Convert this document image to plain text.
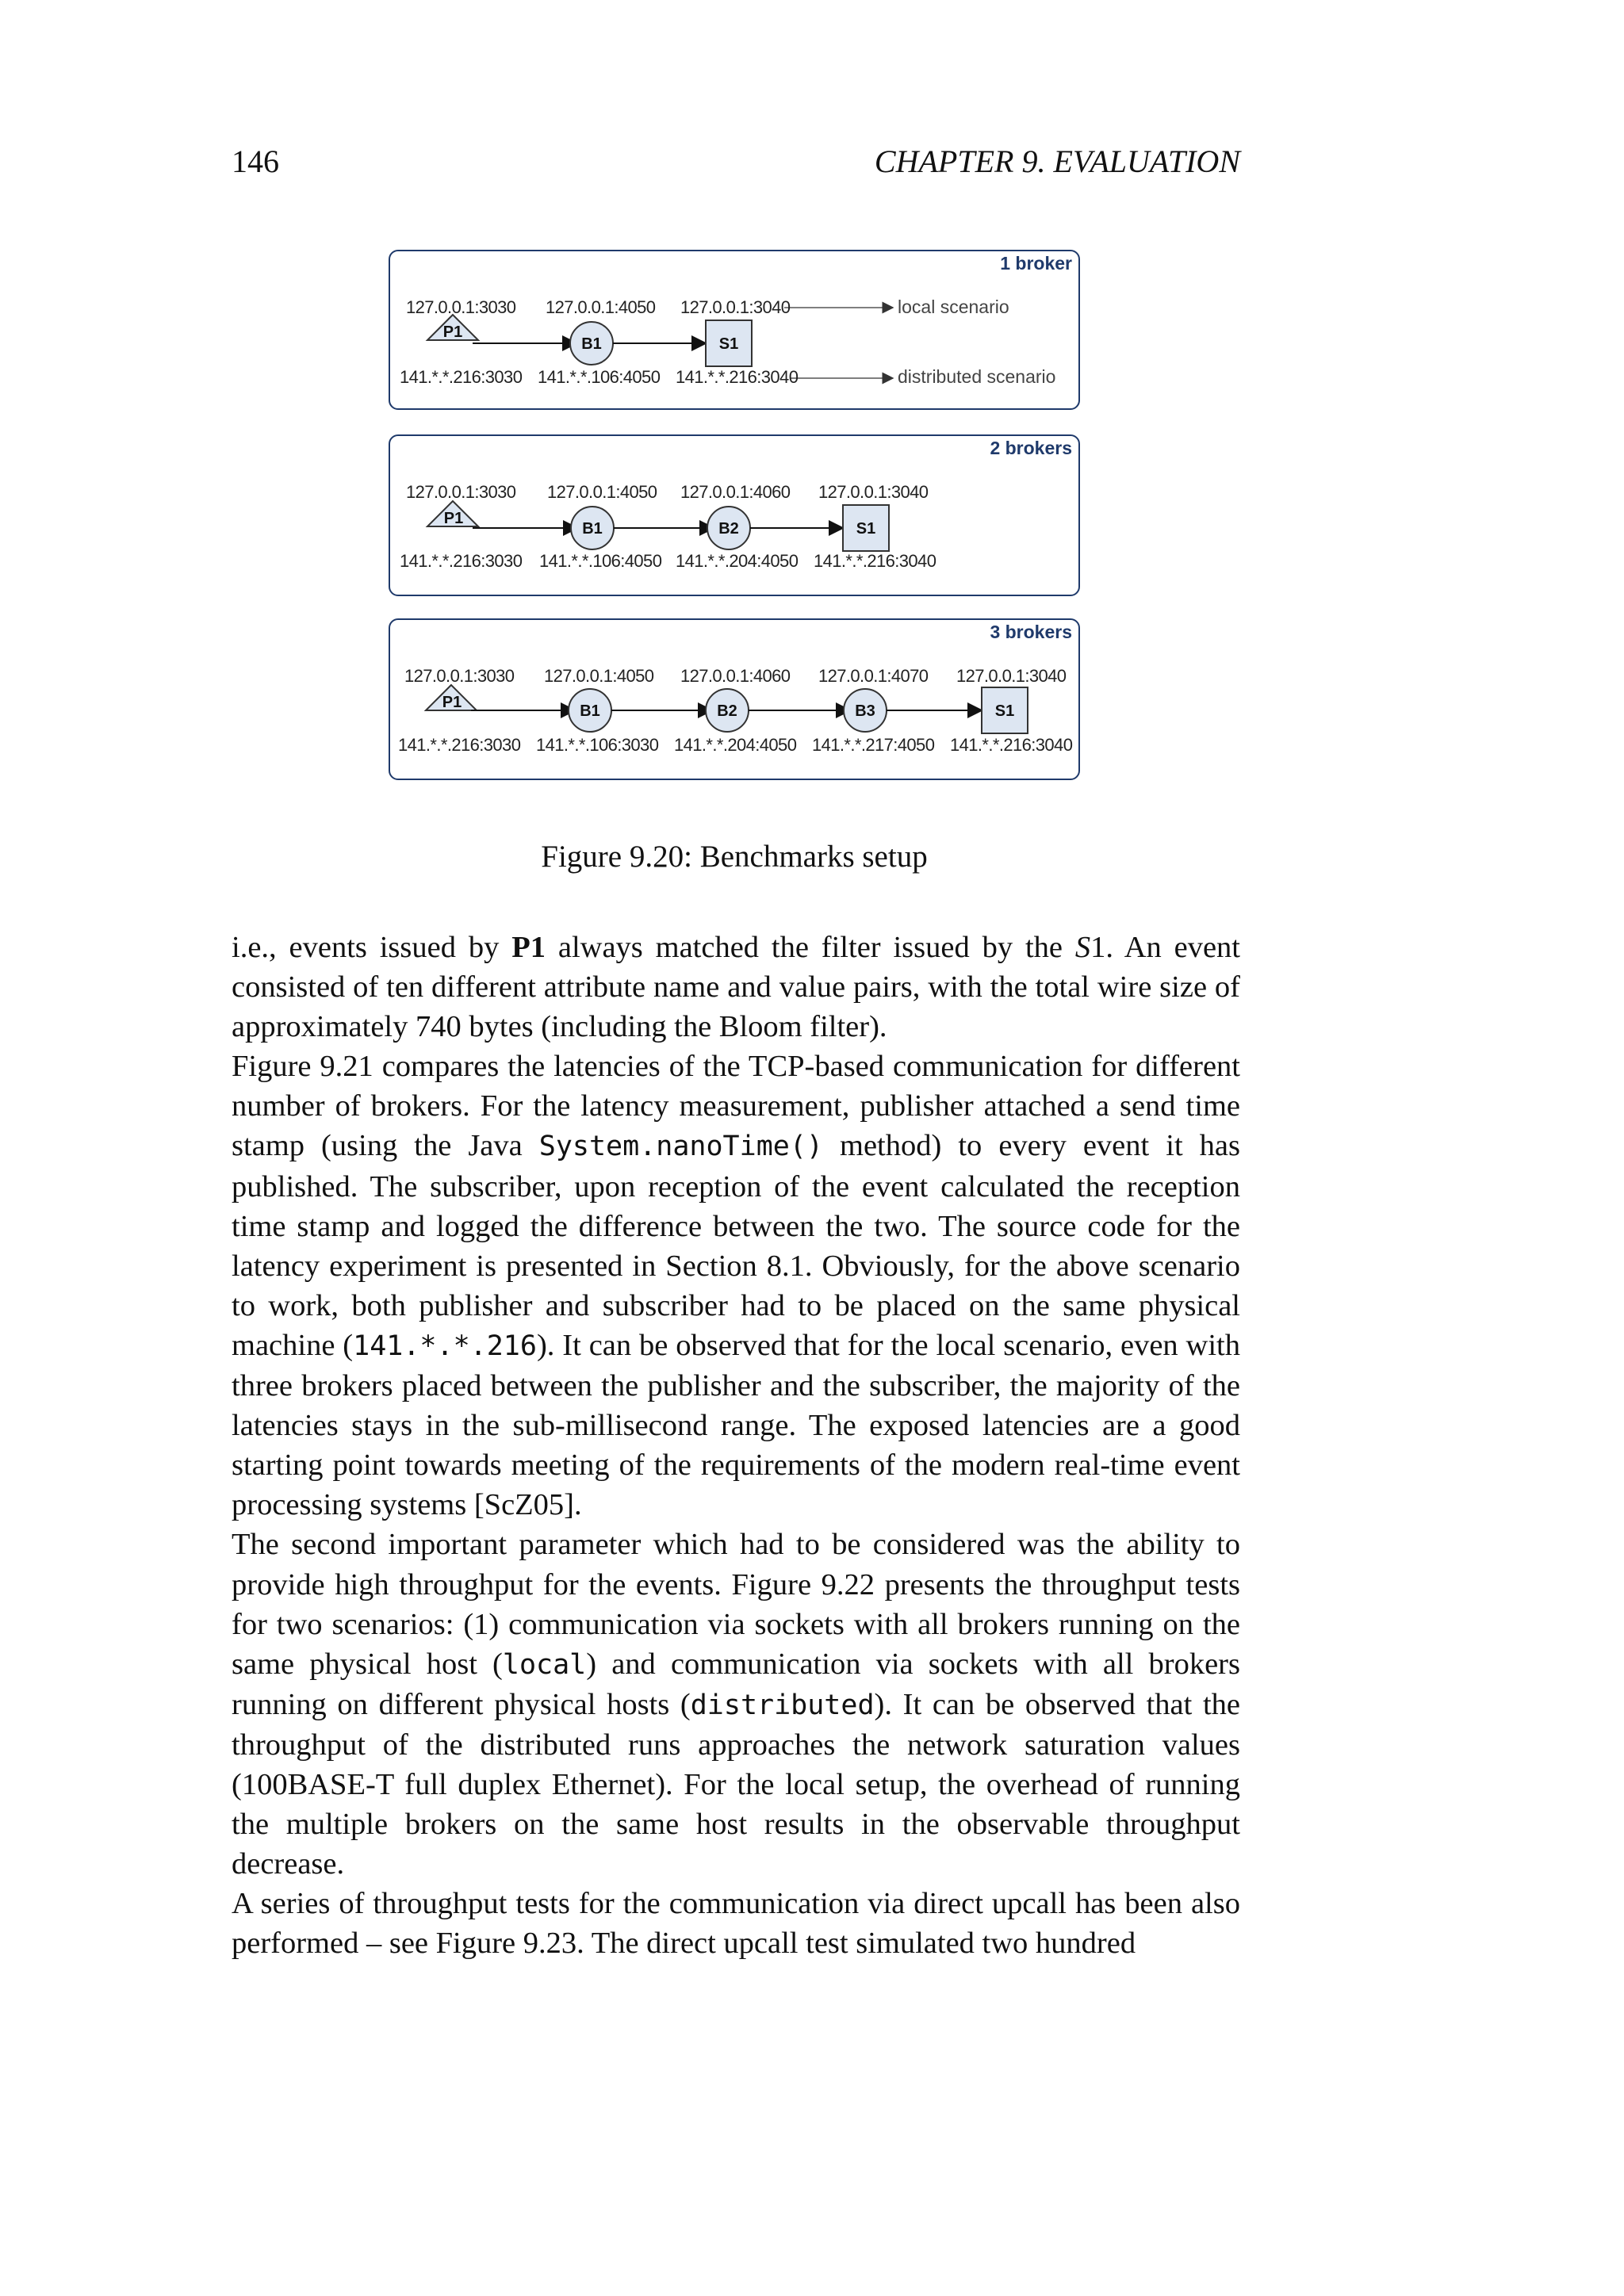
146	CHAPTER 9. EVALUATION
1 broker
P1
B1	S1
127.0.0.1:3030 127.0.0.1:4050 127.0.0.1:3040	local scenario
141.*.*.216:3030 141.*.*.106:4050 141.*.*.216:3040	distributed scenario
2 brokers
P1
B1	B2	S1
127.0.0.1:3030 127.0.0.1:4050 127.0.0.1:4060 127.0.0.1:3040
141.*.*.216:3030 141.*.*.106:4050 141.*.*.204:4050 141.*.*.216:3040
3 brokers
P1	B1	B2	B3	S1
127.0.0.1:3030 127.0.0.1:4050 127.0.0.1:4060 127.0.0.1:4070 127.0.0.1:3040
141.*.*.216:3030 141.*.*.106:3030 141.*.*.204:4050 141.*.*.217:4050 141.*.*.216:3040
Figure 9.20: Benchmarks setup

i.e., events issued by P1 always matched the filter issued by the S1. An event consisted of ten different attribute name and value pairs, with the total wire size of approximately 740 bytes (including the Bloom filter).

Figure 9.21 compares the latencies of the TCP-based communication for different number of brokers. For the latency measurement, publisher attached a send time stamp (using the Java System.nanoTime() method) to every event it has published. The subscriber, upon reception of the event calculated the reception time stamp and logged the difference between the two. The source code for the latency experiment is presented in Section 8.1. Obviously, for the above scenario to work, both publisher and subscriber had to be placed on the same physical machine (141.*.*.216). It can be observed that for the local scenario, even with three brokers placed between the publisher and the subscriber, the majority of the latencies stays in the sub-millisecond range. The exposed latencies are a good starting point towards meeting of the requirements of the modern real-time event processing systems [ScZ05].

The second important parameter which had to be considered was the ability to provide high throughput for the events. Figure 9.22 presents the throughput tests for two scenarios: (1) communication via sockets with all brokers running on the same physical host (local) and communication via sockets with all brokers running on different physical hosts (distributed). It can be observed that the throughput of the distributed runs approaches the network saturation values (100BASE-T full duplex Ethernet). For the local setup, the overhead of running the multiple brokers on the same host results in the observable throughput decrease.

A series of throughput tests for the communication via direct upcall has been also performed – see Figure 9.23. The direct upcall test simulated two hundred
